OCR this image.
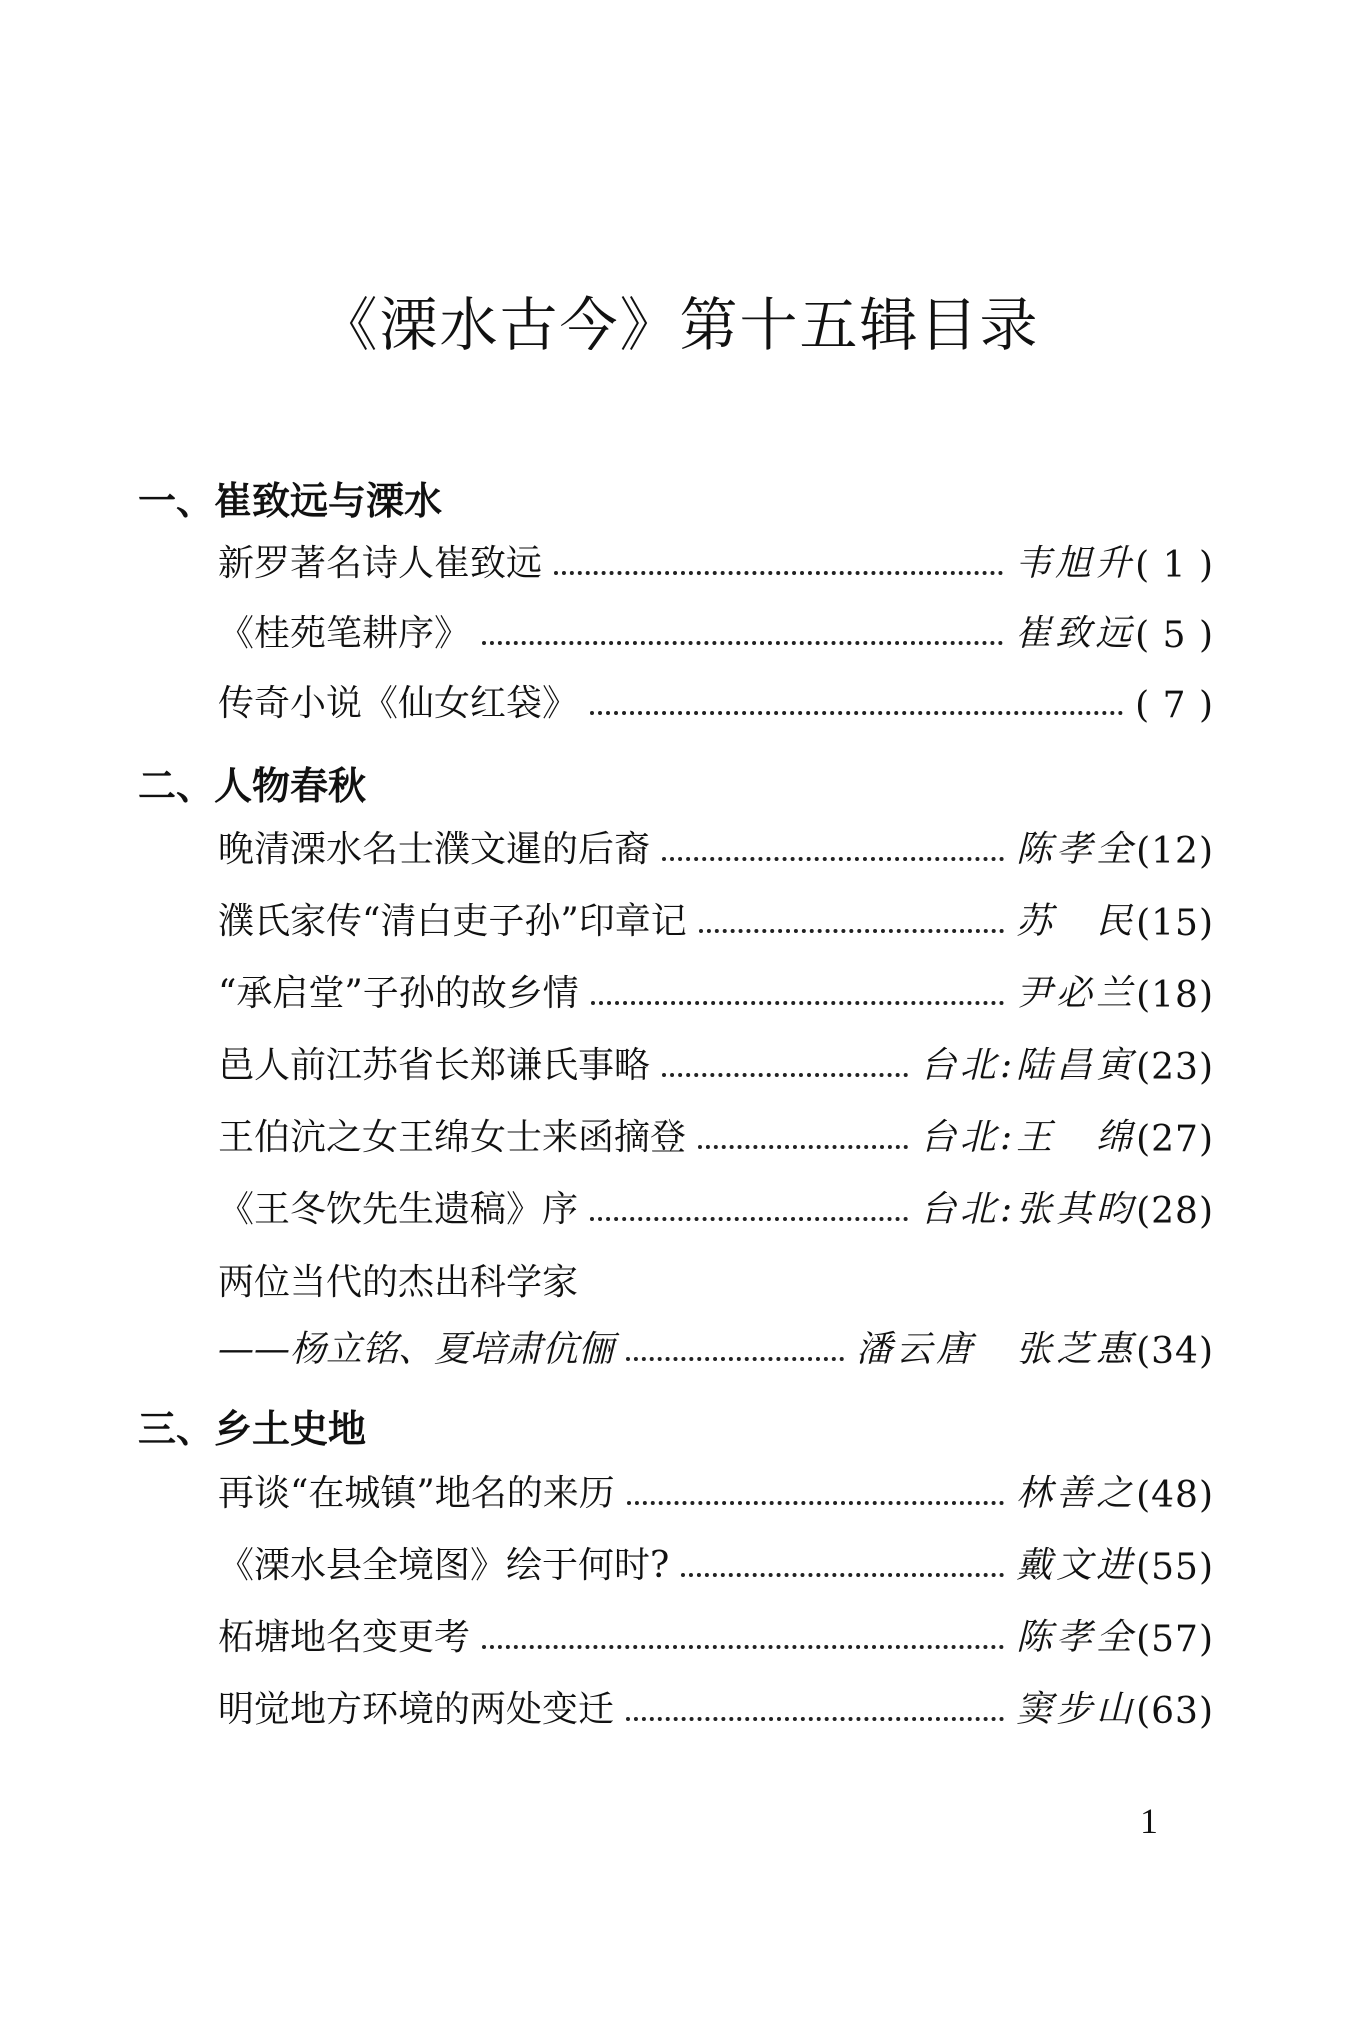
《溧水古今》第十五辑目录
一、崔致远与溧水
新罗著名诗人崔致远	韦旭升 ( 1 )
《桂苑笔耕序》	崔致远 ( 5 )
传奇小说《仙女红袋》	( 7 )
二、人物春秋
晚清溧水名士濮文暹的后裔	陈孝全 (12)
濮氏家传“清白吏子孙”印章记	苏　民 (15)
“承启堂”子孙的故乡情	尹必兰 (18)
邑人前江苏省长郑谦氏事略	台北:陆昌寅 (23)
王伯沆之女王绵女士来函摘登	台北:王　绵 (27)
《王冬饮先生遗稿》序	台北:张其昀 (28)
两位当代的杰出科学家
——杨立铭、夏培肃伉俪	潘云唐　张芝惠 (34)
三、乡土史地
再谈“在城镇”地名的来历	林善之 (48)
《溧水县全境图》绘于何时?	戴文进 (55)
柘塘地名变更考	陈孝全 (57)
明觉地方环境的两处变迁	窦步山 (63)
1
